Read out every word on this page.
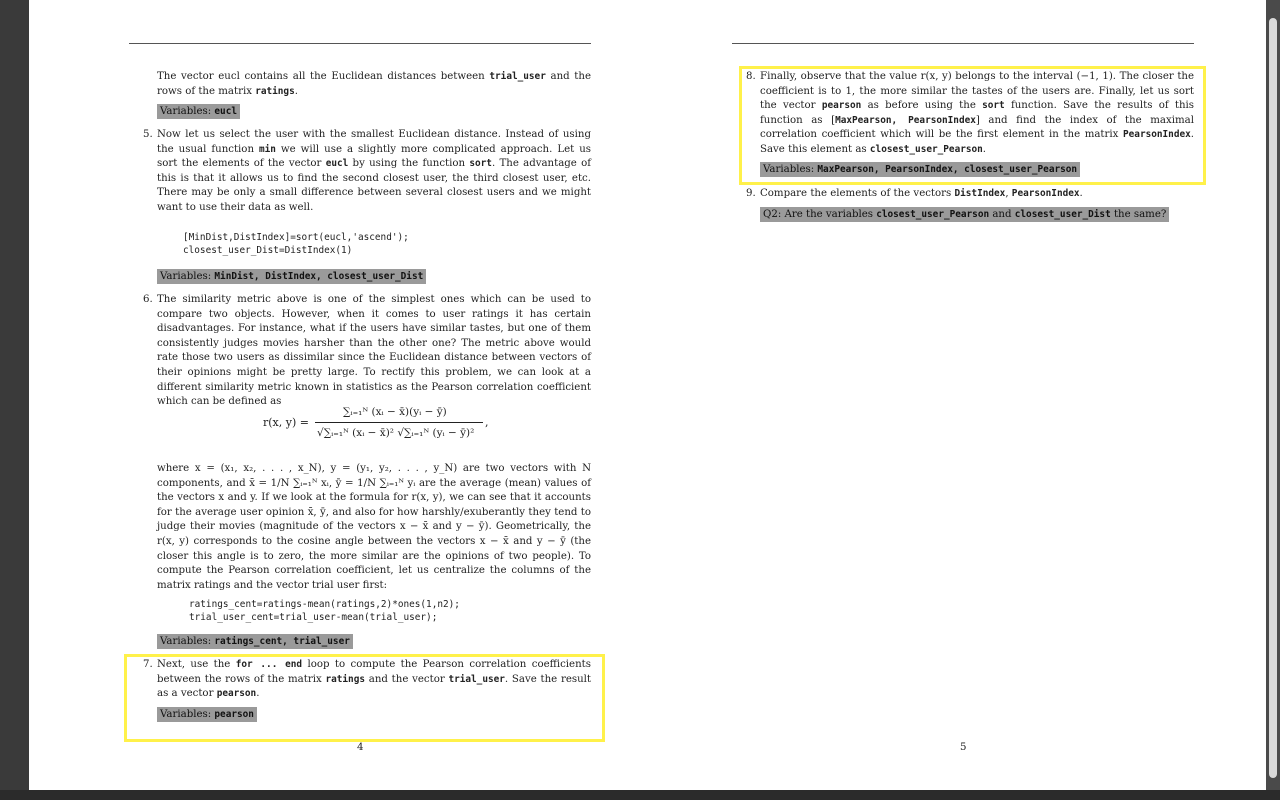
The vector eucl contains all the Euclidean distances between trial_user and the rows of the matrix ratings.

Variables: eucl
5. Now let us select the user with the smallest Euclidean distance. Instead of using the usual function min we will use a slightly more complicated approach. Let us sort the elements of the vector eucl by using the function sort. The advantage of this is that it allows us to find the second closest user, the third closest user, etc. There may be only a small difference between several closest users and we might want to use their data as well.
[MinDist,DistIndex]=sort(eucl,'ascend');
closest_user_Dist=DistIndex(1)
Variables: MinDist, DistIndex, closest_user_Dist
6. The similarity metric above is one of the simplest ones which can be used to compare two objects. However, when it comes to user ratings it has certain disadvantages. For instance, what if the users have similar tastes, but one of them consistently judges movies harsher than the other one? The metric above would rate those two users as dissimilar since the Euclidean distance between vectors of their opinions might be pretty large. To rectify this problem, we can look at a different similarity metric known in statistics as the Pearson correlation coefficient which can be defined as
r(x, y) =
∑ᵢ₌₁ᴺ (xᵢ − x̄)(yᵢ − ȳ)
√∑ᵢ₌₁ᴺ (xᵢ − x̄)² √∑ᵢ₌₁ᴺ (yᵢ − ȳ)²
,

where x = (x₁, x₂, . . . , x_N), y = (y₁, y₂, . . . , y_N) are two vectors with N components, and x̄ = 1/N ∑ᵢ₌₁ᴺ xᵢ, ȳ = 1/N ∑ᵢ₌₁ᴺ yᵢ are the average (mean) values of the vectors x and y. If we look at the formula for r(x, y), we can see that it accounts for the average user opinion x̄, ȳ, and also for how harshly/exuberantly they tend to judge their movies (magnitude of the vectors x − x̄ and y − ȳ). Geometrically, the r(x, y) corresponds to the cosine angle between the vectors x − x̄ and y − ȳ (the closer this angle is to zero, the more similar are the opinions of two people). To compute the Pearson correlation coefficient, let us centralize the columns of the matrix ratings and the vector trial user first:

ratings_cent=ratings-mean(ratings,2)*ones(1,n2);
trial_user_cent=trial_user-mean(trial_user);
Variables: ratings_cent, trial_user
7. Next, use the for ... end loop to compute the Pearson correlation coefficients between the rows of the matrix ratings and the vector trial_user. Save the result as a vector pearson.
Variables: pearson
4
8. Finally, observe that the value r(x, y) belongs to the interval (−1, 1). The closer the coefficient is to 1, the more similar the tastes of the users are. Finally, let us sort the vector pearson as before using the sort function. Save the results of this function as [MaxPearson, PearsonIndex] and find the index of the maximal correlation coefficient which will be the first element in the matrix PearsonIndex. Save this element as closest_user_Pearson.
Variables: MaxPearson, PearsonIndex, closest_user_Pearson
9. Compare the elements of the vectors DistIndex, PearsonIndex.
Q2: Are the variables closest_user_Pearson and closest_user_Dist the same?
5
